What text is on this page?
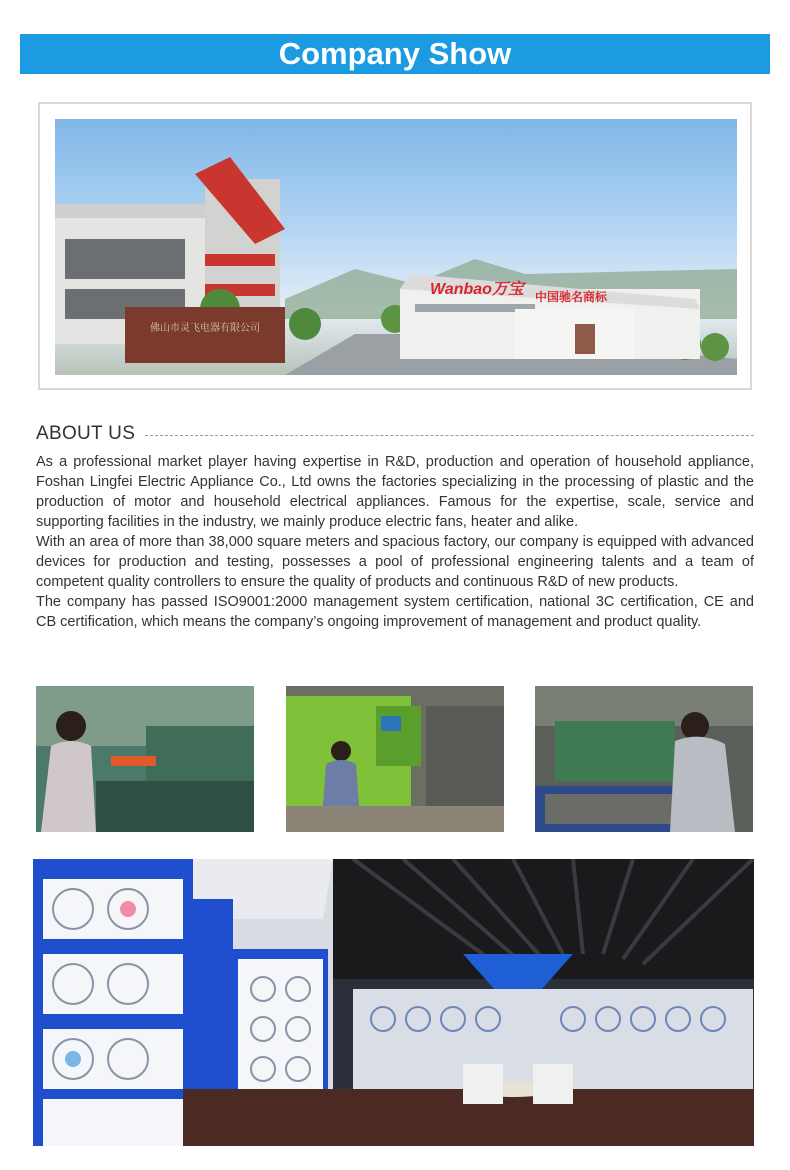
Company Show
佛山市灵飞电器有限公司
Wanbao万宝 中国驰名商标
ABOUT US

As a professional market player having expertise in R&D, production and operation of household appliance, Foshan Lingfei Electric Appliance Co., Ltd owns the factories specializing in the processing of plastic and the production of motor and household electrical appliances. Famous for the expertise, scale, service and supporting facilities in the industry, we mainly produce electric fans, heater and alike.

With an area of more than 38,000 square meters and spacious factory, our company is equipped with advanced devices for production and testing, possesses a pool of professional engineering talents and a team of competent quality controllers to ensure the quality of products and continuous R&D of new products.

The company has passed ISO9001:2000 management system certification, national 3C certification, CE and CB certification, which means the company’s ongoing improvement of management and product quality.
